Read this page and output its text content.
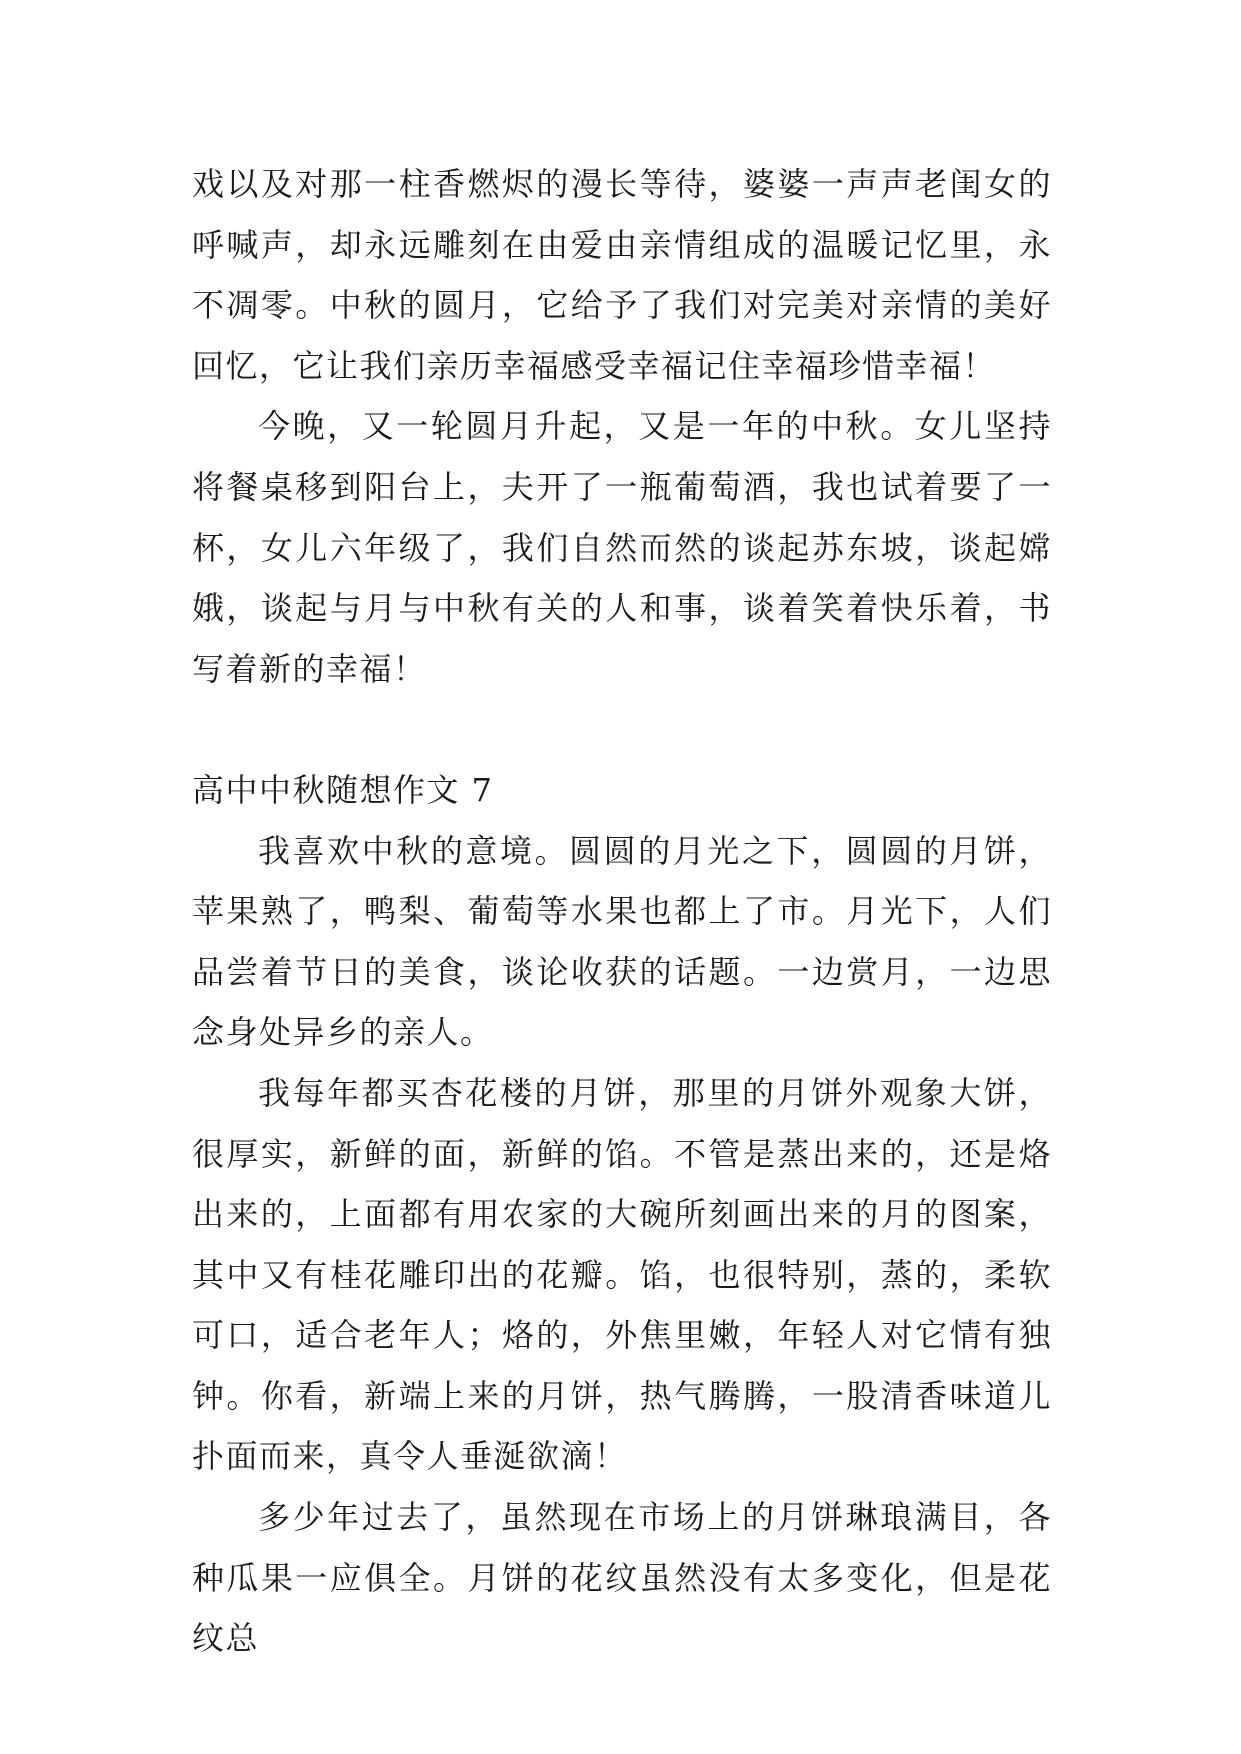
戏以及对那一柱香燃烬的漫长等待，婆婆一声声老闺女的呼喊声，却永远雕刻在由爱由亲情组成的温暖记忆里，永不凋零。中秋的圆月，它给予了我们对完美对亲情的美好回忆，它让我们亲历幸福感受幸福记住幸福珍惜幸福！

今晚，又一轮圆月升起，又是一年的中秋。女儿坚持将餐桌移到阳台上，夫开了一瓶葡萄酒，我也试着要了一杯，女儿六年级了，我们自然而然的谈起苏东坡，谈起嫦娥，谈起与月与中秋有关的人和事，谈着笑着快乐着，书写着新的幸福！

高中中秋随想作文 7

我喜欢中秋的意境。圆圆的月光之下，圆圆的月饼，苹果熟了，鸭梨、葡萄等水果也都上了市。月光下，人们品尝着节日的美食，谈论收获的话题。一边赏月，一边思念身处异乡的亲人。

我每年都买杏花楼的月饼，那里的月饼外观象大饼，很厚实，新鲜的面，新鲜的馅。不管是蒸出来的，还是烙出来的，上面都有用农家的大碗所刻画出来的月的图案，其中又有桂花雕印出的花瓣。馅，也很特别，蒸的，柔软可口，适合老年人；烙的，外焦里嫩，年轻人对它情有独钟。你看，新端上来的月饼，热气腾腾，一股清香味道儿扑面而来，真令人垂涎欲滴！

多少年过去了，虽然现在市场上的月饼琳琅满目，各种瓜果一应俱全。月饼的花纹虽然没有太多变化，但是花纹总
